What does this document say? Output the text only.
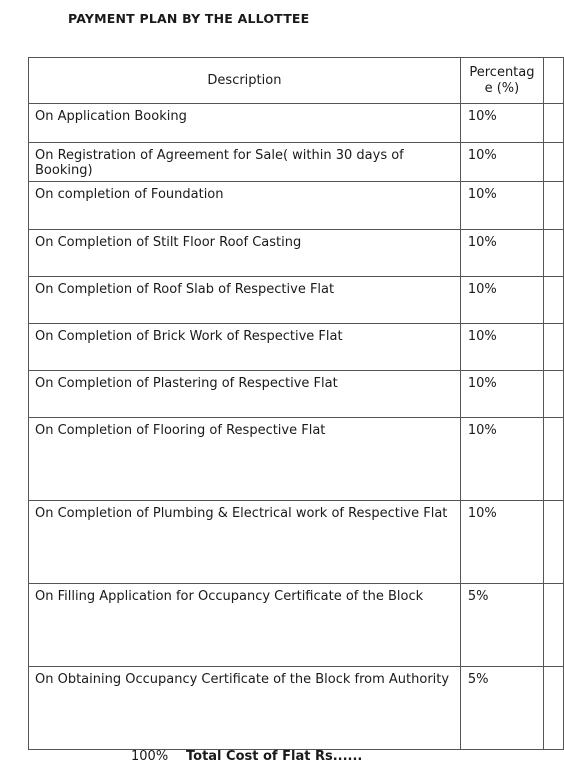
PAYMENT PLAN BY THE ALLOTTEE
Description	Percentag
e (%)	

On Application Booking	10%	

On Registration of Agreement for Sale( within 30 days of Booking)	10%	

On completion of Foundation	10%	

On Completion of Stilt Floor Roof Casting	10%	

On Completion of Roof Slab of Respective Flat	10%	

On Completion of Brick Work of Respective Flat	10%	

On Completion of Plastering of Respective Flat	10%	

On Completion of Flooring of Respective Flat	10%	

On Completion of Plumbing & Electrical work of Respective Flat	10%	

On Filling Application for Occupancy Certificate of the Block	5%	

On Obtaining Occupancy Certificate of the Block from Authority	5%	

100% Total Cost of Flat Rs......
